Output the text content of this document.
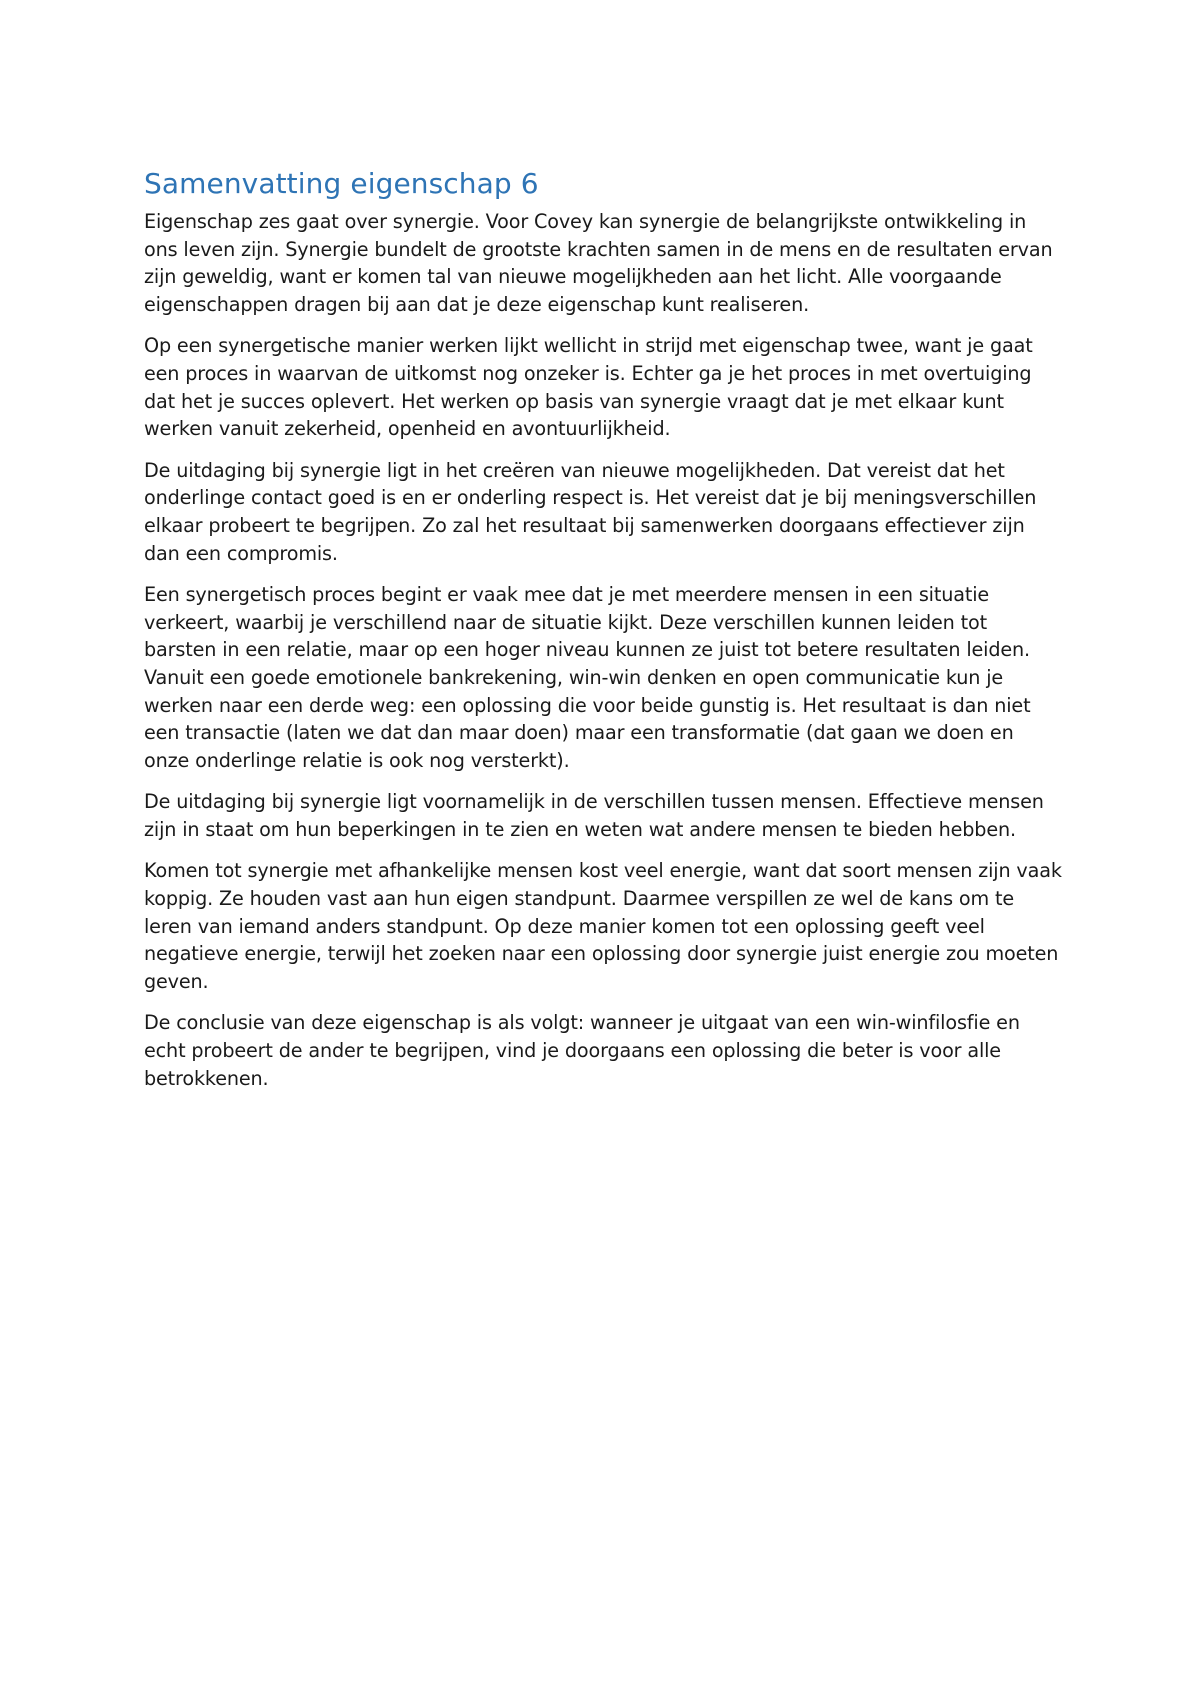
Samenvatting eigenschap 6

Eigenschap zes gaat over synergie. Voor Covey kan synergie de belangrijkste ontwikkeling in ons leven zijn. Synergie bundelt de grootste krachten samen in de mens en de resultaten ervan zijn geweldig, want er komen tal van nieuwe mogelijkheden aan het licht. Alle voorgaande eigenschappen dragen bij aan dat je deze eigenschap kunt realiseren.

Op een synergetische manier werken lijkt wellicht in strijd met eigenschap twee, want je gaat een proces in waarvan de uitkomst nog onzeker is. Echter ga je het proces in met overtuiging dat het je succes oplevert. Het werken op basis van synergie vraagt dat je met elkaar kunt werken vanuit zekerheid, openheid en avontuurlijkheid.

De uitdaging bij synergie ligt in het creëren van nieuwe mogelijkheden. Dat vereist dat het onderlinge contact goed is en er onderling respect is. Het vereist dat je bij meningsverschillen elkaar probeert te begrijpen. Zo zal het resultaat bij samenwerken doorgaans effectiever zijn dan een compromis.

Een synergetisch proces begint er vaak mee dat je met meerdere mensen in een situatie verkeert, waarbij je verschillend naar de situatie kijkt. Deze verschillen kunnen leiden tot barsten in een relatie, maar op een hoger niveau kunnen ze juist tot betere resultaten leiden. Vanuit een goede emotionele bankrekening, win-win denken en open communicatie kun je werken naar een derde weg: een oplossing die voor beide gunstig is. Het resultaat is dan niet een transactie (laten we dat dan maar doen) maar een transformatie (dat gaan we doen en onze onderlinge relatie is ook nog versterkt).

De uitdaging bij synergie ligt voornamelijk in de verschillen tussen mensen. Effectieve mensen zijn in staat om hun beperkingen in te zien en weten wat andere mensen te bieden hebben.

Komen tot synergie met afhankelijke mensen kost veel energie, want dat soort mensen zijn vaak koppig. Ze houden vast aan hun eigen standpunt. Daarmee verspillen ze wel de kans om te leren van iemand anders standpunt. Op deze manier komen tot een oplossing geeft veel negatieve energie, terwijl het zoeken naar een oplossing door synergie juist energie zou moeten geven.

De conclusie van deze eigenschap is als volgt: wanneer je uitgaat van een win-winfilosfie en echt probeert de ander te begrijpen, vind je doorgaans een oplossing die beter is voor alle betrokkenen.
